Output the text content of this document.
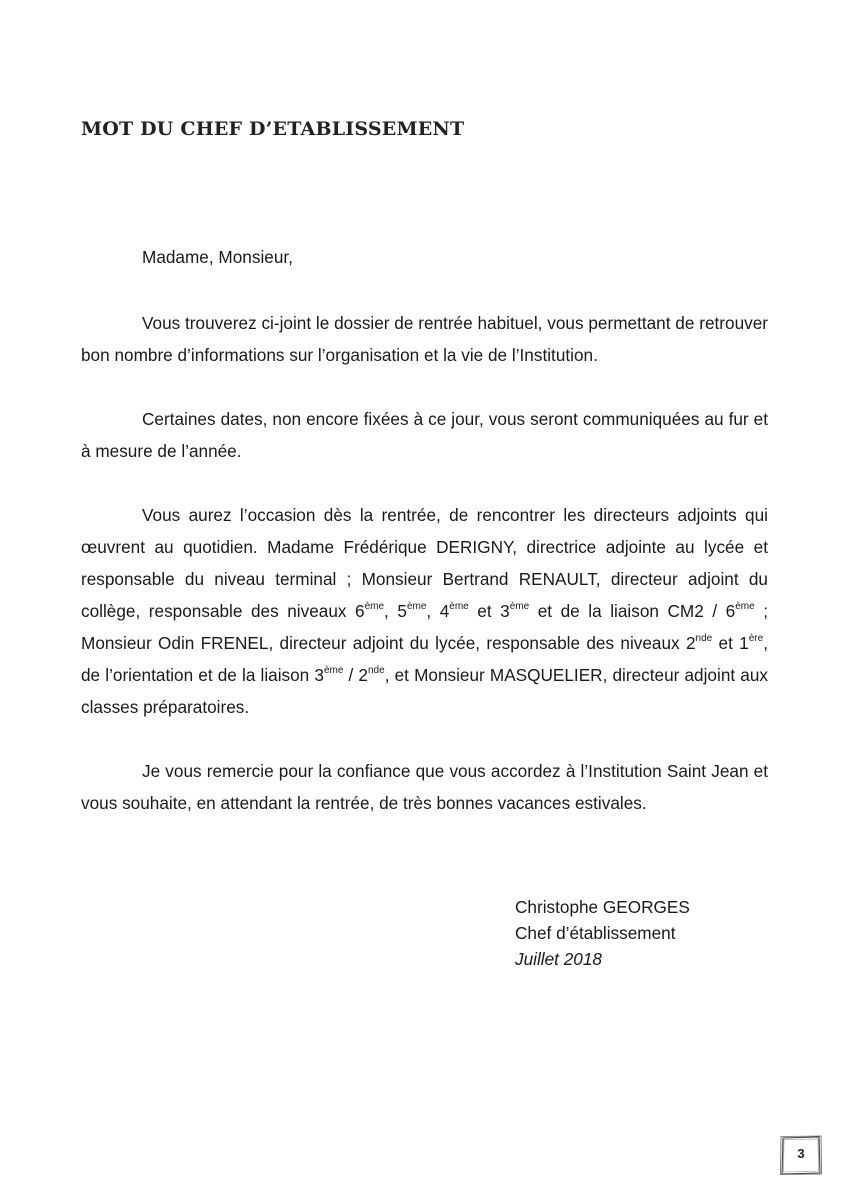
MOT DU CHEF D’ETABLISSEMENT

Madame, Monsieur,

Vous trouverez ci-joint le dossier de rentrée habituel, vous permettant de retrouver bon nombre d’informations sur l’organisation et la vie de l’Institution.

Certaines dates, non encore fixées à ce jour, vous seront communiquées au fur et à mesure de l’année.

Vous aurez l’occasion dès la rentrée, de rencontrer les directeurs adjoints qui œuvrent au quotidien. Madame Frédérique DERIGNY, directrice adjointe au lycée et responsable du niveau terminal ; Monsieur Bertrand RENAULT, directeur adjoint du collège, responsable des niveaux 6ème, 5ème, 4ème et 3ème et de la liaison CM2 / 6ème ; Monsieur Odin FRENEL, directeur adjoint du lycée, responsable des niveaux 2nde et 1ère, de l’orientation et de la liaison 3ème / 2nde, et Monsieur MASQUELIER, directeur adjoint aux classes préparatoires.

Je vous remercie pour la confiance que vous accordez à l’Institution Saint Jean et vous souhaite, en attendant la rentrée, de très bonnes vacances estivales.

Christophe GEORGES
Chef d’établissement
Juillet 2018
3
